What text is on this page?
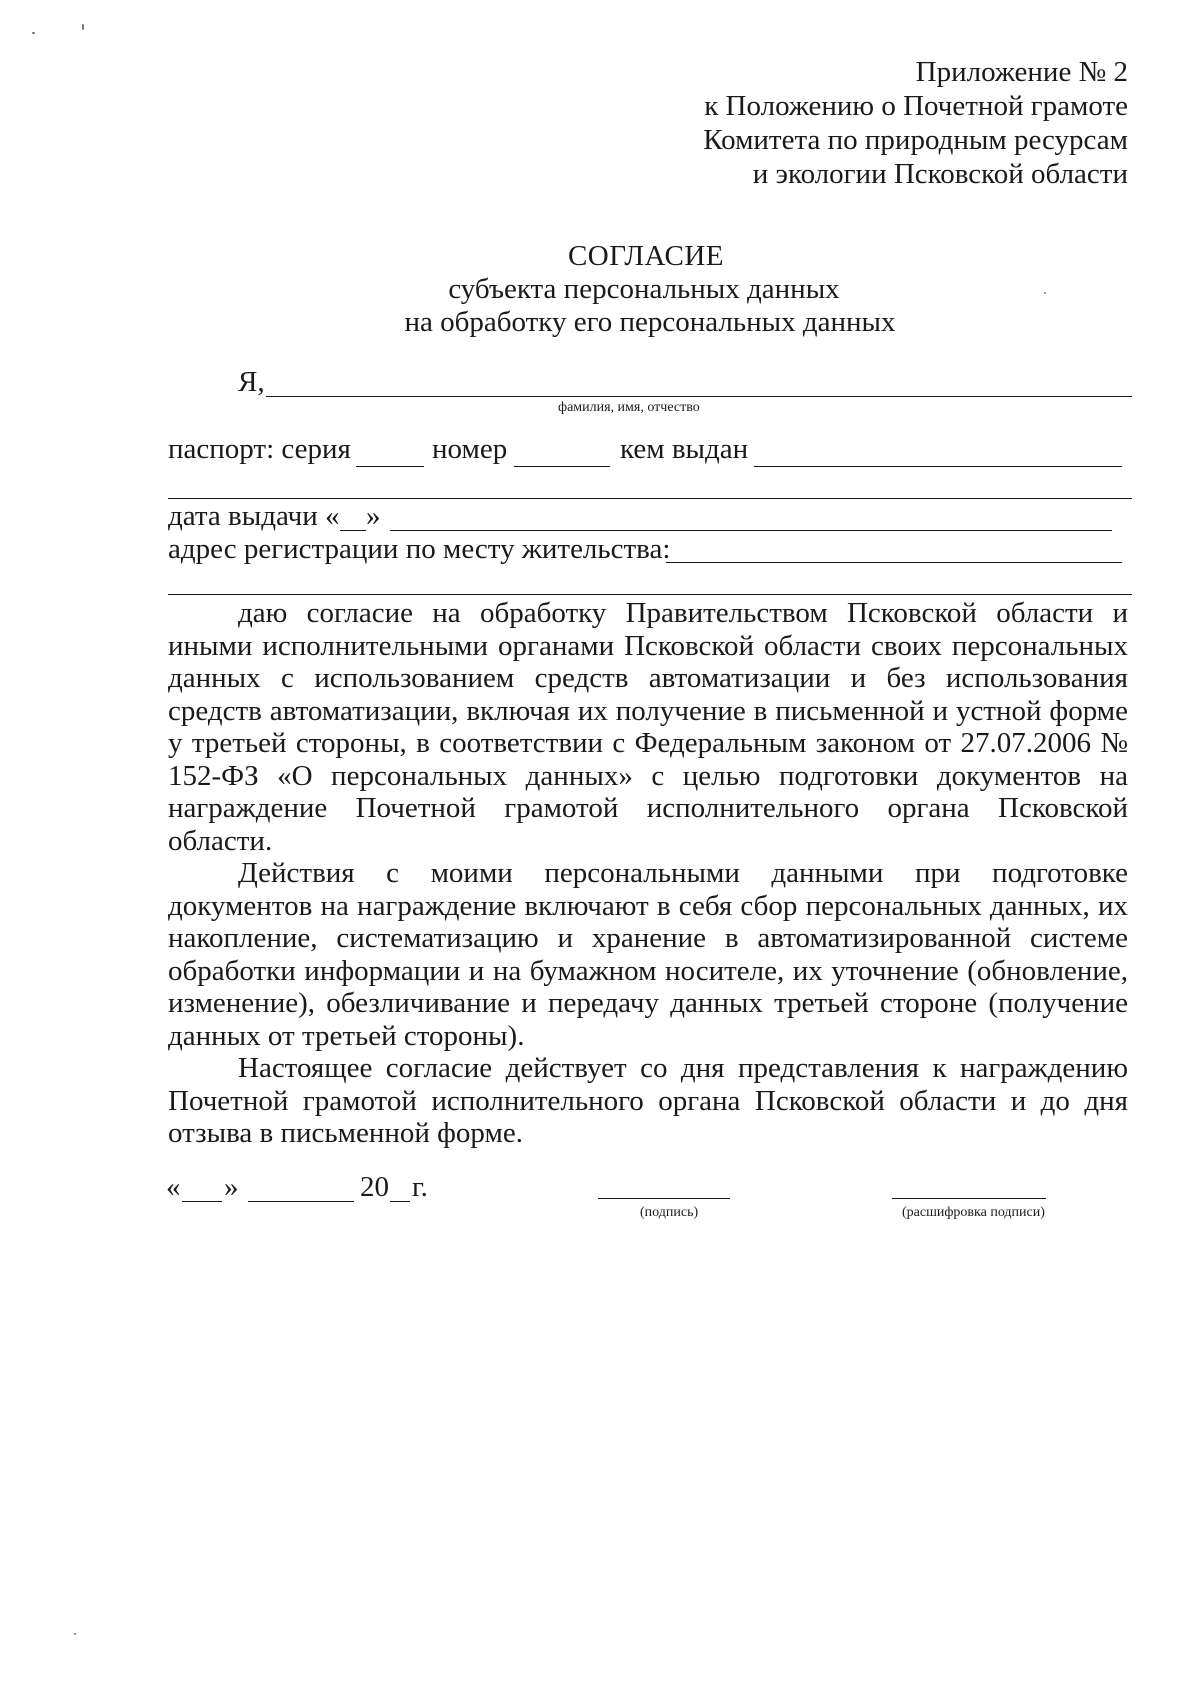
Приложение № 2
к Положению о Почетной грамоте
Комитета по природным ресурсам
и экологии Псковской области
СОГЛАСИЕ
субъекта персональных данных
на обработку его персональных данных
Я,
фамилия, имя, отчество
паспорт: серия	номер	кем выдан
дата выдачи « »
адрес регистрации по месту жительства:

даю согласие на обработку Правительством Псковской области и иными исполнительными органами Псковской области своих персональных данных с использованием средств автоматизации и без использования средств автоматизации, включая их получение в письменной и устной форме у третьей стороны, в соответствии с Федеральным законом от 27.07.2006 № 152-ФЗ «О персональных данных» с целью подготовки документов на награждение Почетной грамотой исполнительного органа Псковской области.

Действия с моими персональными данными при подготовке документов на награждение включают в себя сбор персональных данных, их накопление, систематизацию и хранение в автоматизированной системе обработки информации и на бумажном носителе, их уточнение (обновление, изменение), обезличивание и передачу данных третьей стороне (получение данных от третьей стороны).

Настоящее согласие действует со дня представления к награждению Почетной грамотой исполнительного органа Псковской области и до дня отзыва в письменной форме.

« »	20 г.
(подпись)	(расшифровка подписи)
